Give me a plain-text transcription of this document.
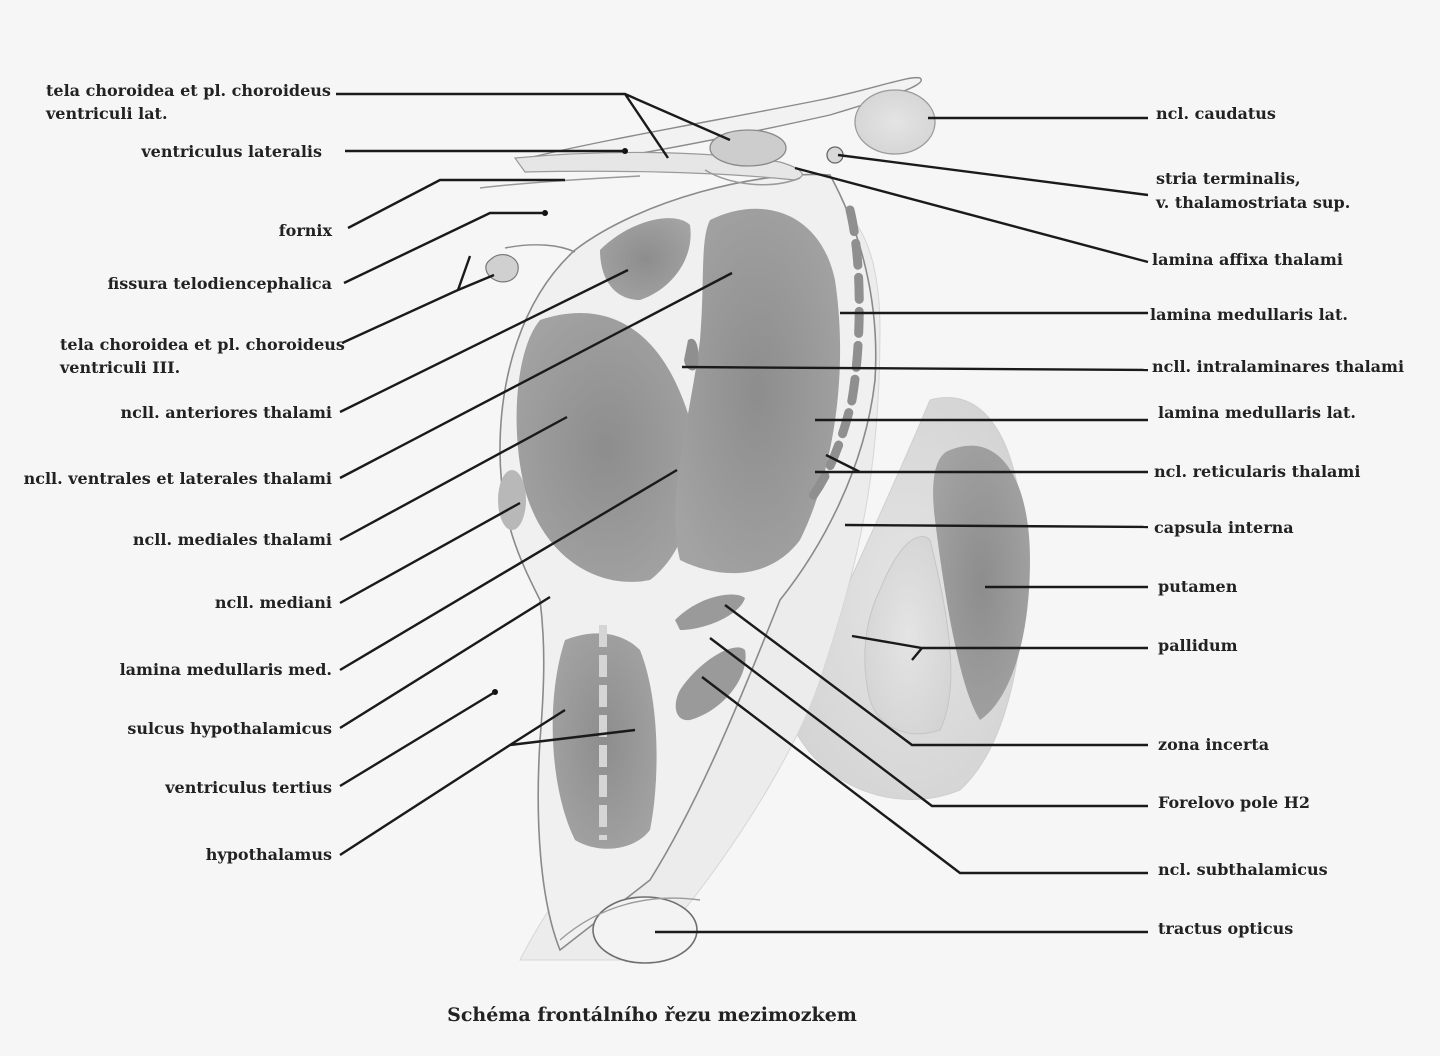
tela choroidea et pl. choroideus
ventriculi lat.
ventriculus lateralis
fornix
fissura telodiencephalica
tela choroidea et pl. choroideus
ventriculi III.
ncll. anteriores thalami
ncll. ventrales et laterales thalami
ncll. mediales thalami
ncll. mediani
lamina medullaris med.
sulcus hypothalamicus
ventriculus tertius
hypothalamus
ncl. caudatus
stria terminalis,
v. thalamostriata sup.
lamina affixa thalami
lamina medullaris lat.
ncll. intralaminares thalami
lamina medullaris lat.
ncl. reticularis thalami
capsula interna
putamen
pallidum
zona incerta
Forelovo pole H2
ncl. subthalamicus
tractus opticus
Schéma frontálního řezu mezimozkem
